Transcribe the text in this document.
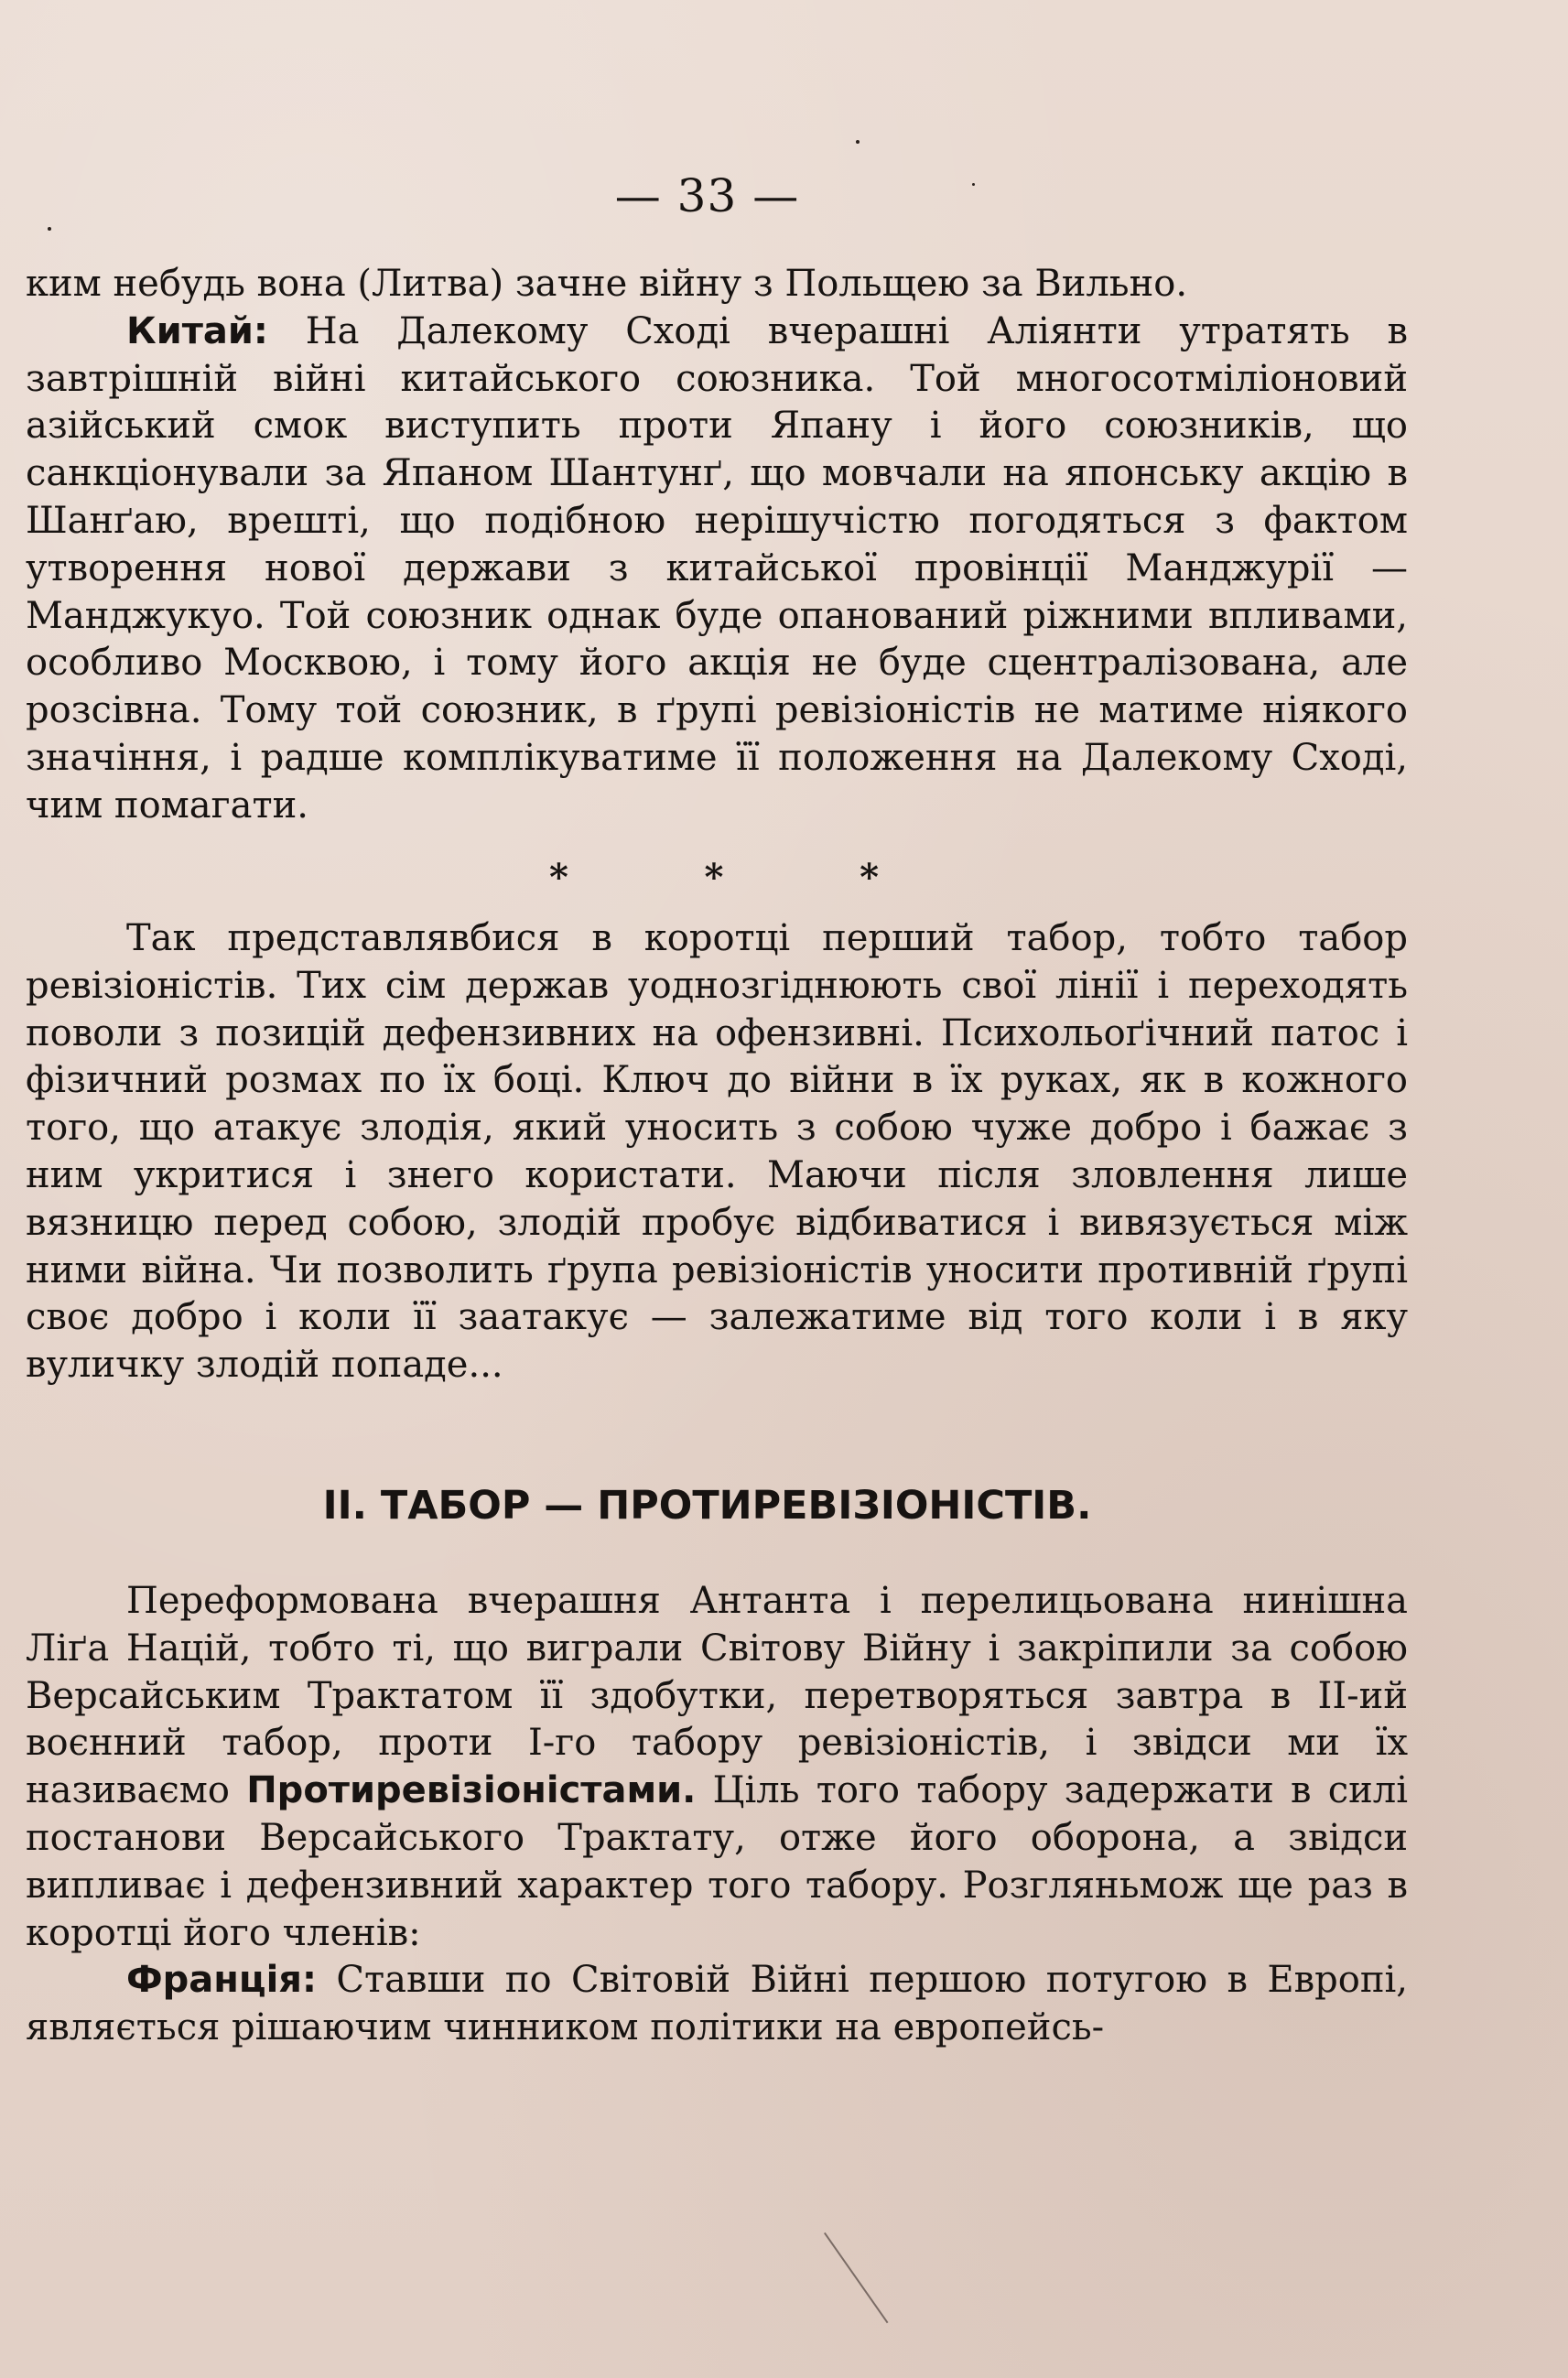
— 33 —

ким небудь вона (Литва) зачне війну з Польщею за Вильно.

Китай: На Далекому Сході вчерашні Аліянти утратять в завтрішній війні китайського союзника. Той многосотміліоновий азійський смок виступить проти Япану і його союзників, що санкціонували за Япаном Шантунґ, що мовчали на японську акцію в Шанґаю, врешті, що подібною нерішучістю погодяться з фактом утворення нової держави з китайської провінції Манджурії — Манджукуо. Той союзник однак буде опанований ріжними впливами, особливо Москвою, і тому його акція не буде сцентралізована, але розсівна. Тому той союзник, в ґрупі ревізіоністів не матиме ніякого значіння, і радше комплікуватиме її положення на Далекому Сході, чим помагати.

*	*	*

Так представлявбися в коротці перший табор, тобто табор ревізіоністів. Тих сім держав уоднозгіднюють свої лінії і переходять поволи з позицій дефензивних на офензивні. Психольоґічний патос і фізичний розмах по їх боці. Ключ до війни в їх руках, як в кожного того, що атакує злодія, який уносить з собою чуже добро і бажає з ним укритися і знего користати. Маючи після зловлення лише вязницю перед собою, злодій пробує відбиватися і вивязується між ними війна. Чи позволить ґрупа ревізіоністів уносити противній ґрупі своє добро і коли її заатакує — залежатиме від того коли і в яку вуличку злодій попаде...

II. ТАБОР — ПРОТИРЕВІЗІОНІСТІВ.

Переформована вчерашня Антанта і перелицьована нинішна Ліґа Націй, тобто ті, що виграли Світову Війну і закріпили за собою Версайським Трактатом її здобутки, перетворяться завтра в II-ий воєнний табор, проти I-го табору ревізіоністів, і звідси ми їх називаємо Протиревізіоністами. Ціль того табору задержати в силі постанови Версайського Трактату, отже його оборона, а звідси випливає і дефензивний характер того табору. Розгляньмож ще раз в коротці його членів:

Франція: Ставши по Світовій Війні першою потугою в Европі, являється рішаючим чинником політики на европейсь-
